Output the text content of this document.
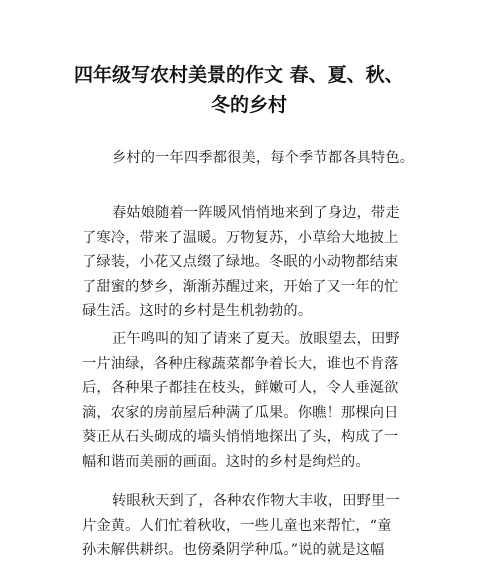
四年级写农村美景的作文 春、夏、秋、
冬的乡村

乡村的一年四季都很美，每个季节都各具特色。

春姑娘随着一阵暖风悄悄地来到了身边，带走
了寒冷，带来了温暖。万物复苏，小草给大地披上
了绿装，小花又点缀了绿地。冬眠的小动物都结束
了甜蜜的梦乡，渐渐苏醒过来，开始了又一年的忙
碌生活。这时的乡村是生机勃勃的。

正午鸣叫的知了请来了夏天。放眼望去，田野
一片油绿，各种庄稼蔬菜都争着长大，谁也不肯落
后，各种果子都挂在枝头，鲜嫩可人，令人垂涎欲
滴，农家的房前屋后种满了瓜果。你瞧！那棵向日
葵正从石头砌成的墙头悄悄地探出了头，构成了一
幅和谐而美丽的画面。这时的乡村是绚烂的。

转眼秋天到了，各种农作物大丰收，田野里一
片金黄。人们忙着秋收，一些儿童也来帮忙，“童
孙未解供耕织。也傍桑阴学种瓜。”说的就是这幅
